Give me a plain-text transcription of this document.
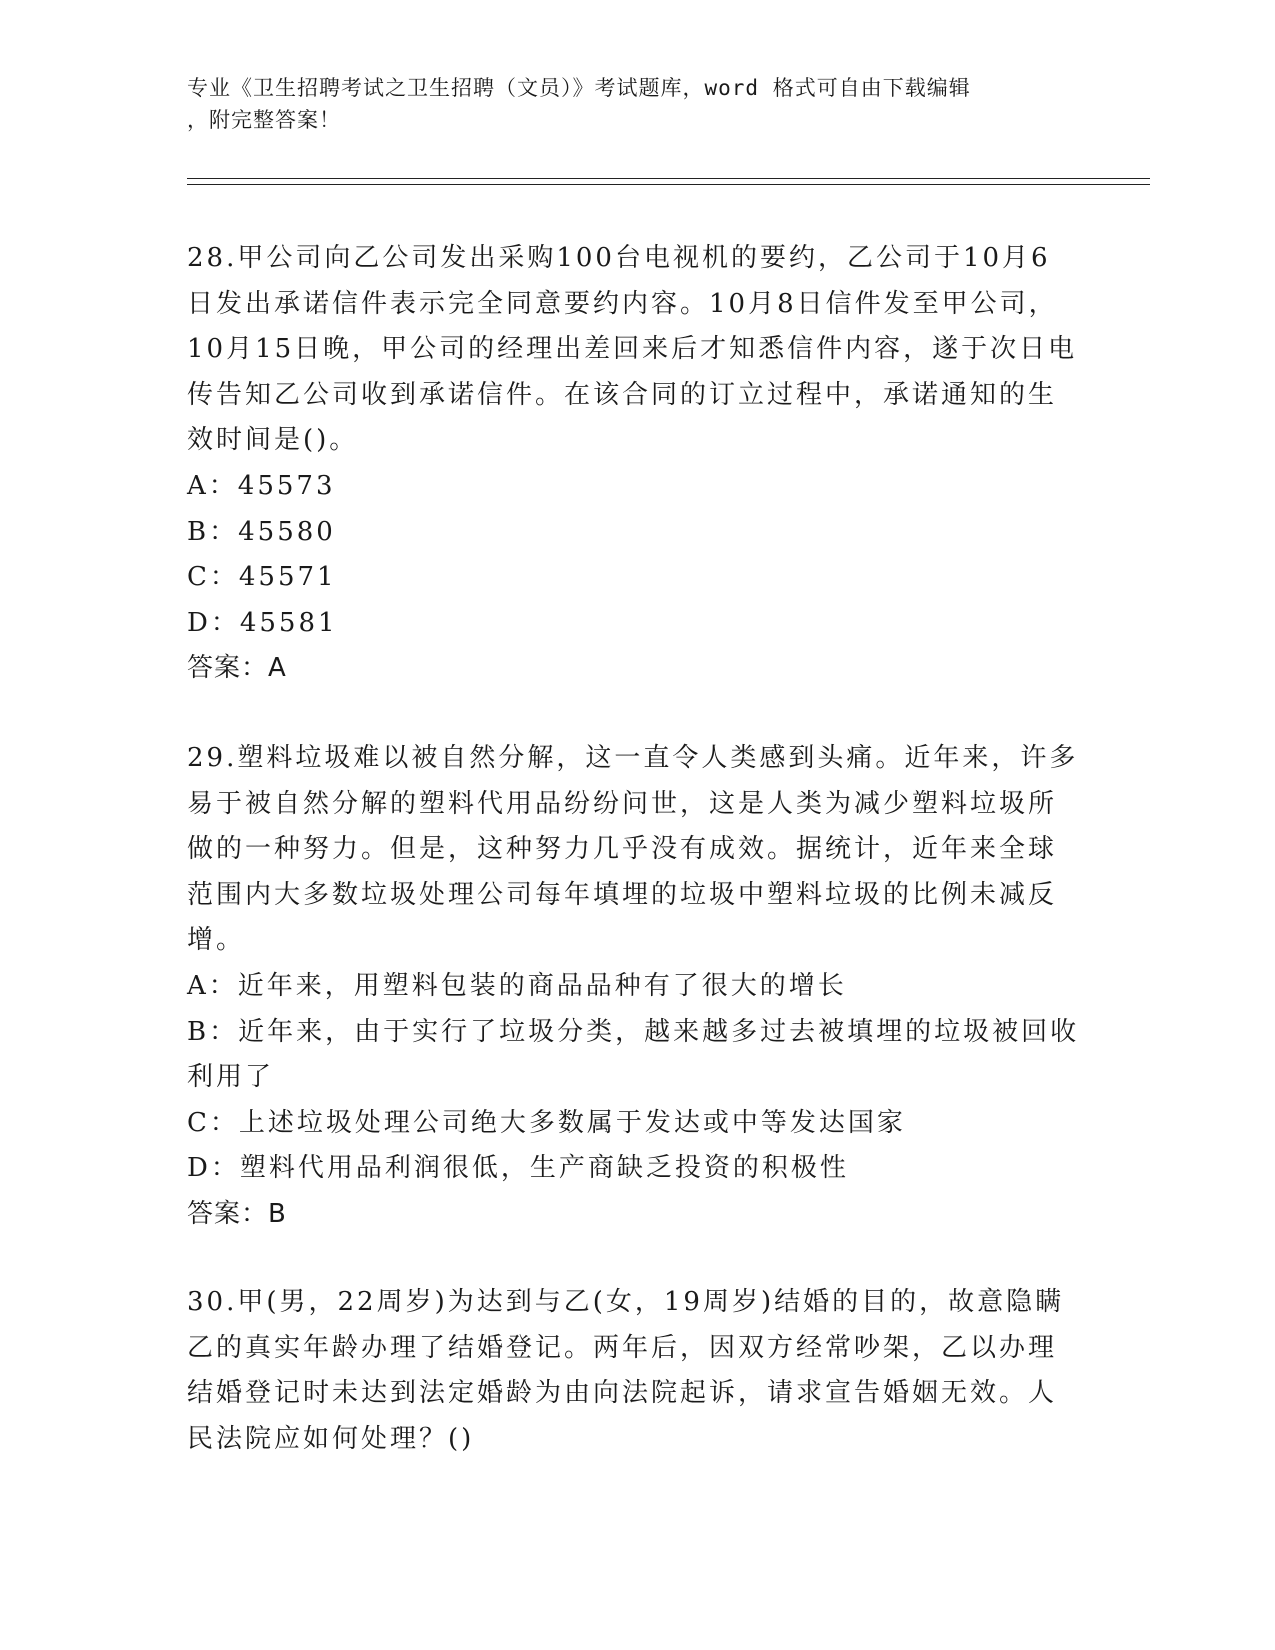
专业《卫生招聘考试之卫生招聘（文员）》考试题库，word 格式可自由下载编辑
，附完整答案！
28.甲公司向乙公司发出采购100台电视机的要约，乙公司于10月6
日发出承诺信件表示完全同意要约内容。10月8日信件发至甲公司，
10月15日晚，甲公司的经理出差回来后才知悉信件内容，遂于次日电
传告知乙公司收到承诺信件。在该合同的订立过程中，承诺通知的生
效时间是()。
A：45573
B：45580
C：45571
D：45581
答案：A
29.塑料垃圾难以被自然分解，这一直令人类感到头痛。近年来，许多
易于被自然分解的塑料代用品纷纷问世，这是人类为减少塑料垃圾所
做的一种努力。但是，这种努力几乎没有成效。据统计，近年来全球
范围内大多数垃圾处理公司每年填埋的垃圾中塑料垃圾的比例未减反
增。
A：近年来，用塑料包装的商品品种有了很大的增长
B：近年来，由于实行了垃圾分类，越来越多过去被填埋的垃圾被回收
利用了
C：上述垃圾处理公司绝大多数属于发达或中等发达国家
D：塑料代用品利润很低，生产商缺乏投资的积极性
答案：B
30.甲(男，22周岁)为达到与乙(女，19周岁)结婚的目的，故意隐瞒
乙的真实年龄办理了结婚登记。两年后，因双方经常吵架，乙以办理
结婚登记时未达到法定婚龄为由向法院起诉，请求宣告婚姻无效。人
民法院应如何处理？()
